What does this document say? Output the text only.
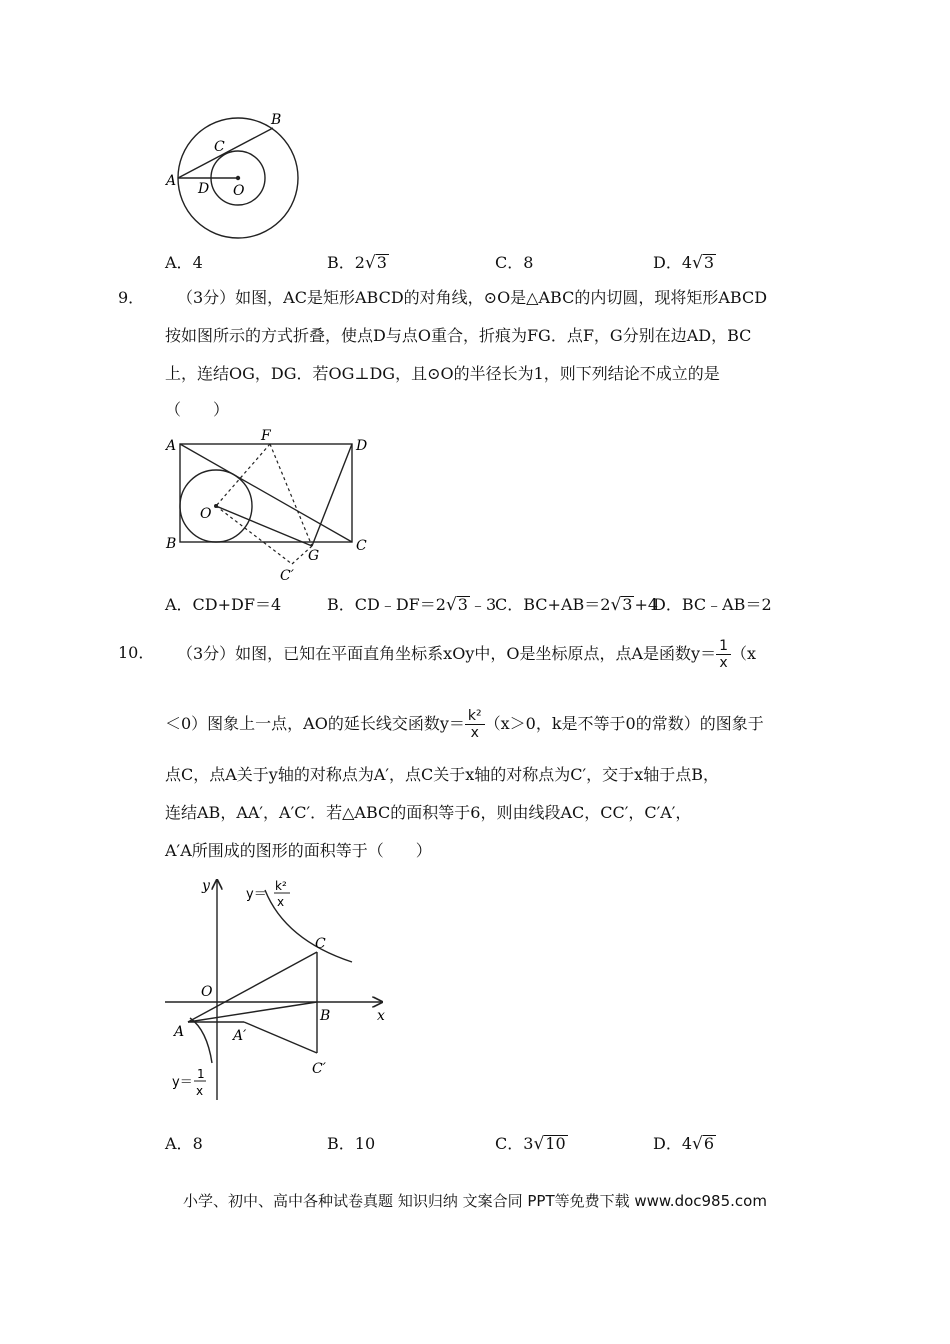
A
B
C
D O
A．4	B．2√3	C．8	D．4√3
9． （3分）如图，AC是矩形ABCD的对角线，⊙O是△ABC的内切圆，现将矩形ABCD
按如图所示的方式折叠，使点D与点O重合，折痕为FG．点F，G分别在边AD，BC
上，连结OG，DG．若OG⊥DG，且⊙O的半径长为1，则下列结论不成立的是
（　　）
A
B	C
D
F
G
O
C′
A．CD+DF＝4	B．CD﹣DF＝2√3 ﹣3
C．BC+AB＝2√3 +4
D．BC﹣AB＝2
10． （3分）如图，已知在平面直角坐标系xOy中，O是坐标原点，点A是函数$y= \frac{1}{x} (x$
＜0）图象上一点，AO的延长线交函数$y= \frac{\text{k²}}{x} (x>0$，k是不等于0的常数）的图象于
点C，点A关于y轴的对称点为A′，点C关于x轴的对称点为C′，交于x轴于点B，
连结AB，AA′，A′C′．若△ABC的面积等于6，则由线段AC，CC′，C′A′，
A′A所围成的图形的面积等于（　　）
y
x
O
A	A′
B
C
C′
y＝
k²
x
y＝
1
x
A．8	B．10	C．3√10	D．4√6
小学、初中、高中各种试卷真题 知识归纳 文案合同 PPT等免费下载 www.doc985.com
